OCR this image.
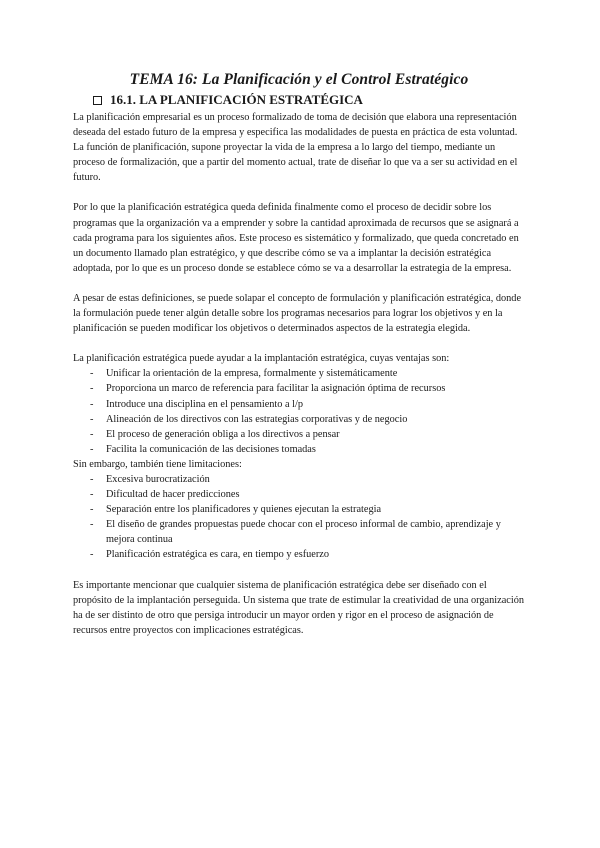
TEMA 16: La Planificación y el Control Estratégico
16.1. LA PLANIFICACIÓN ESTRATÉGICA

La planificación empresarial es un proceso formalizado de toma de decisión que elabora una representación deseada del estado futuro de la empresa y especifica las modalidades de puesta en práctica de esta voluntad.

La función de planificación, supone proyectar la vida de la empresa a lo largo del tiempo, mediante un proceso de formalización, que a partir del momento actual, trate de diseñar lo que va a ser su actividad en el futuro.

Por lo que la planificación estratégica queda definida finalmente como el proceso de decidir sobre los programas que la organización va a emprender y sobre la cantidad aproximada de recursos que se asignará a cada programa para los siguientes años. Este proceso es sistemático y formalizado, que queda concretado en un documento llamado plan estratégico, y que describe cómo se va a implantar la decisión estratégica adoptada, por lo que es un proceso donde se establece cómo se va a desarrollar la estrategia de la empresa.

A pesar de estas definiciones, se puede solapar el concepto de formulación y planificación estratégica, donde la formulación puede tener algún detalle sobre los programas necesarios para lograr los objetivos y en la planificación se pueden modificar los objetivos o determinados aspectos de la estrategia elegida.

La planificación estratégica puede ayudar a la implantación estratégica, cuyas ventajas son:

- Unificar la orientación de la empresa, formalmente y sistemáticamente
- Proporciona un marco de referencia para facilitar la asignación óptima de recursos
- Introduce una disciplina en el pensamiento a l/p
- Alineación de los directivos con las estrategias corporativas y de negocio
- El proceso de generación obliga a los directivos a pensar
- Facilita la comunicación de las decisiones tomadas

Sin embargo, también tiene limitaciones:

- Excesiva burocratización
- Dificultad de hacer predicciones
- Separación entre los planificadores y quienes ejecutan la estrategia
- El diseño de grandes propuestas puede chocar con el proceso informal de cambio, aprendizaje y mejora continua
- Planificación estratégica es cara, en tiempo y esfuerzo

Es importante mencionar que cualquier sistema de planificación estratégica debe ser diseñado con el propósito de la implantación perseguida. Un sistema que trate de estimular la creatividad de una organización ha de ser distinto de otro que persiga introducir un mayor orden y rigor en el proceso de asignación de recursos entre proyectos con implicaciones estratégicas.
